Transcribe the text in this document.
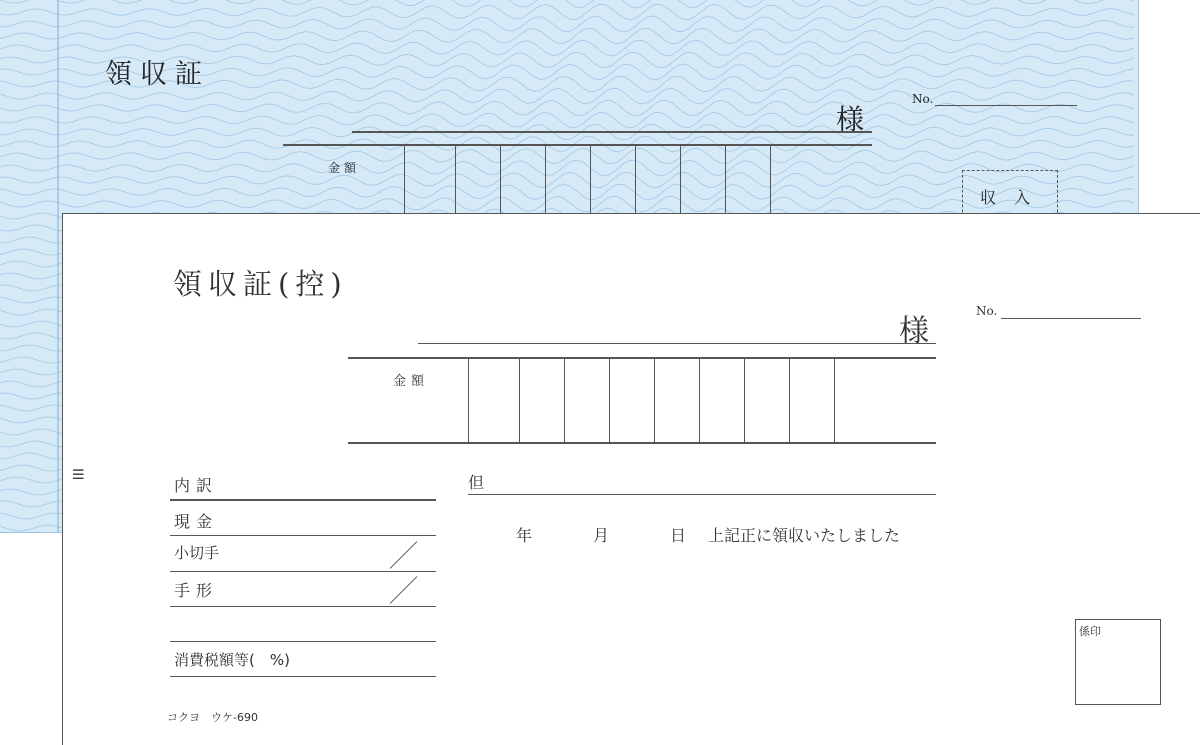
領収証
様
No.
金額
収入
領収証(控)
様
No.
金額
III
内訳
現金
小切手
手形
消費税額等(　%)
但
年	月	日 上記正に領収いたしました
係印
コクヨ　ウケ-690
